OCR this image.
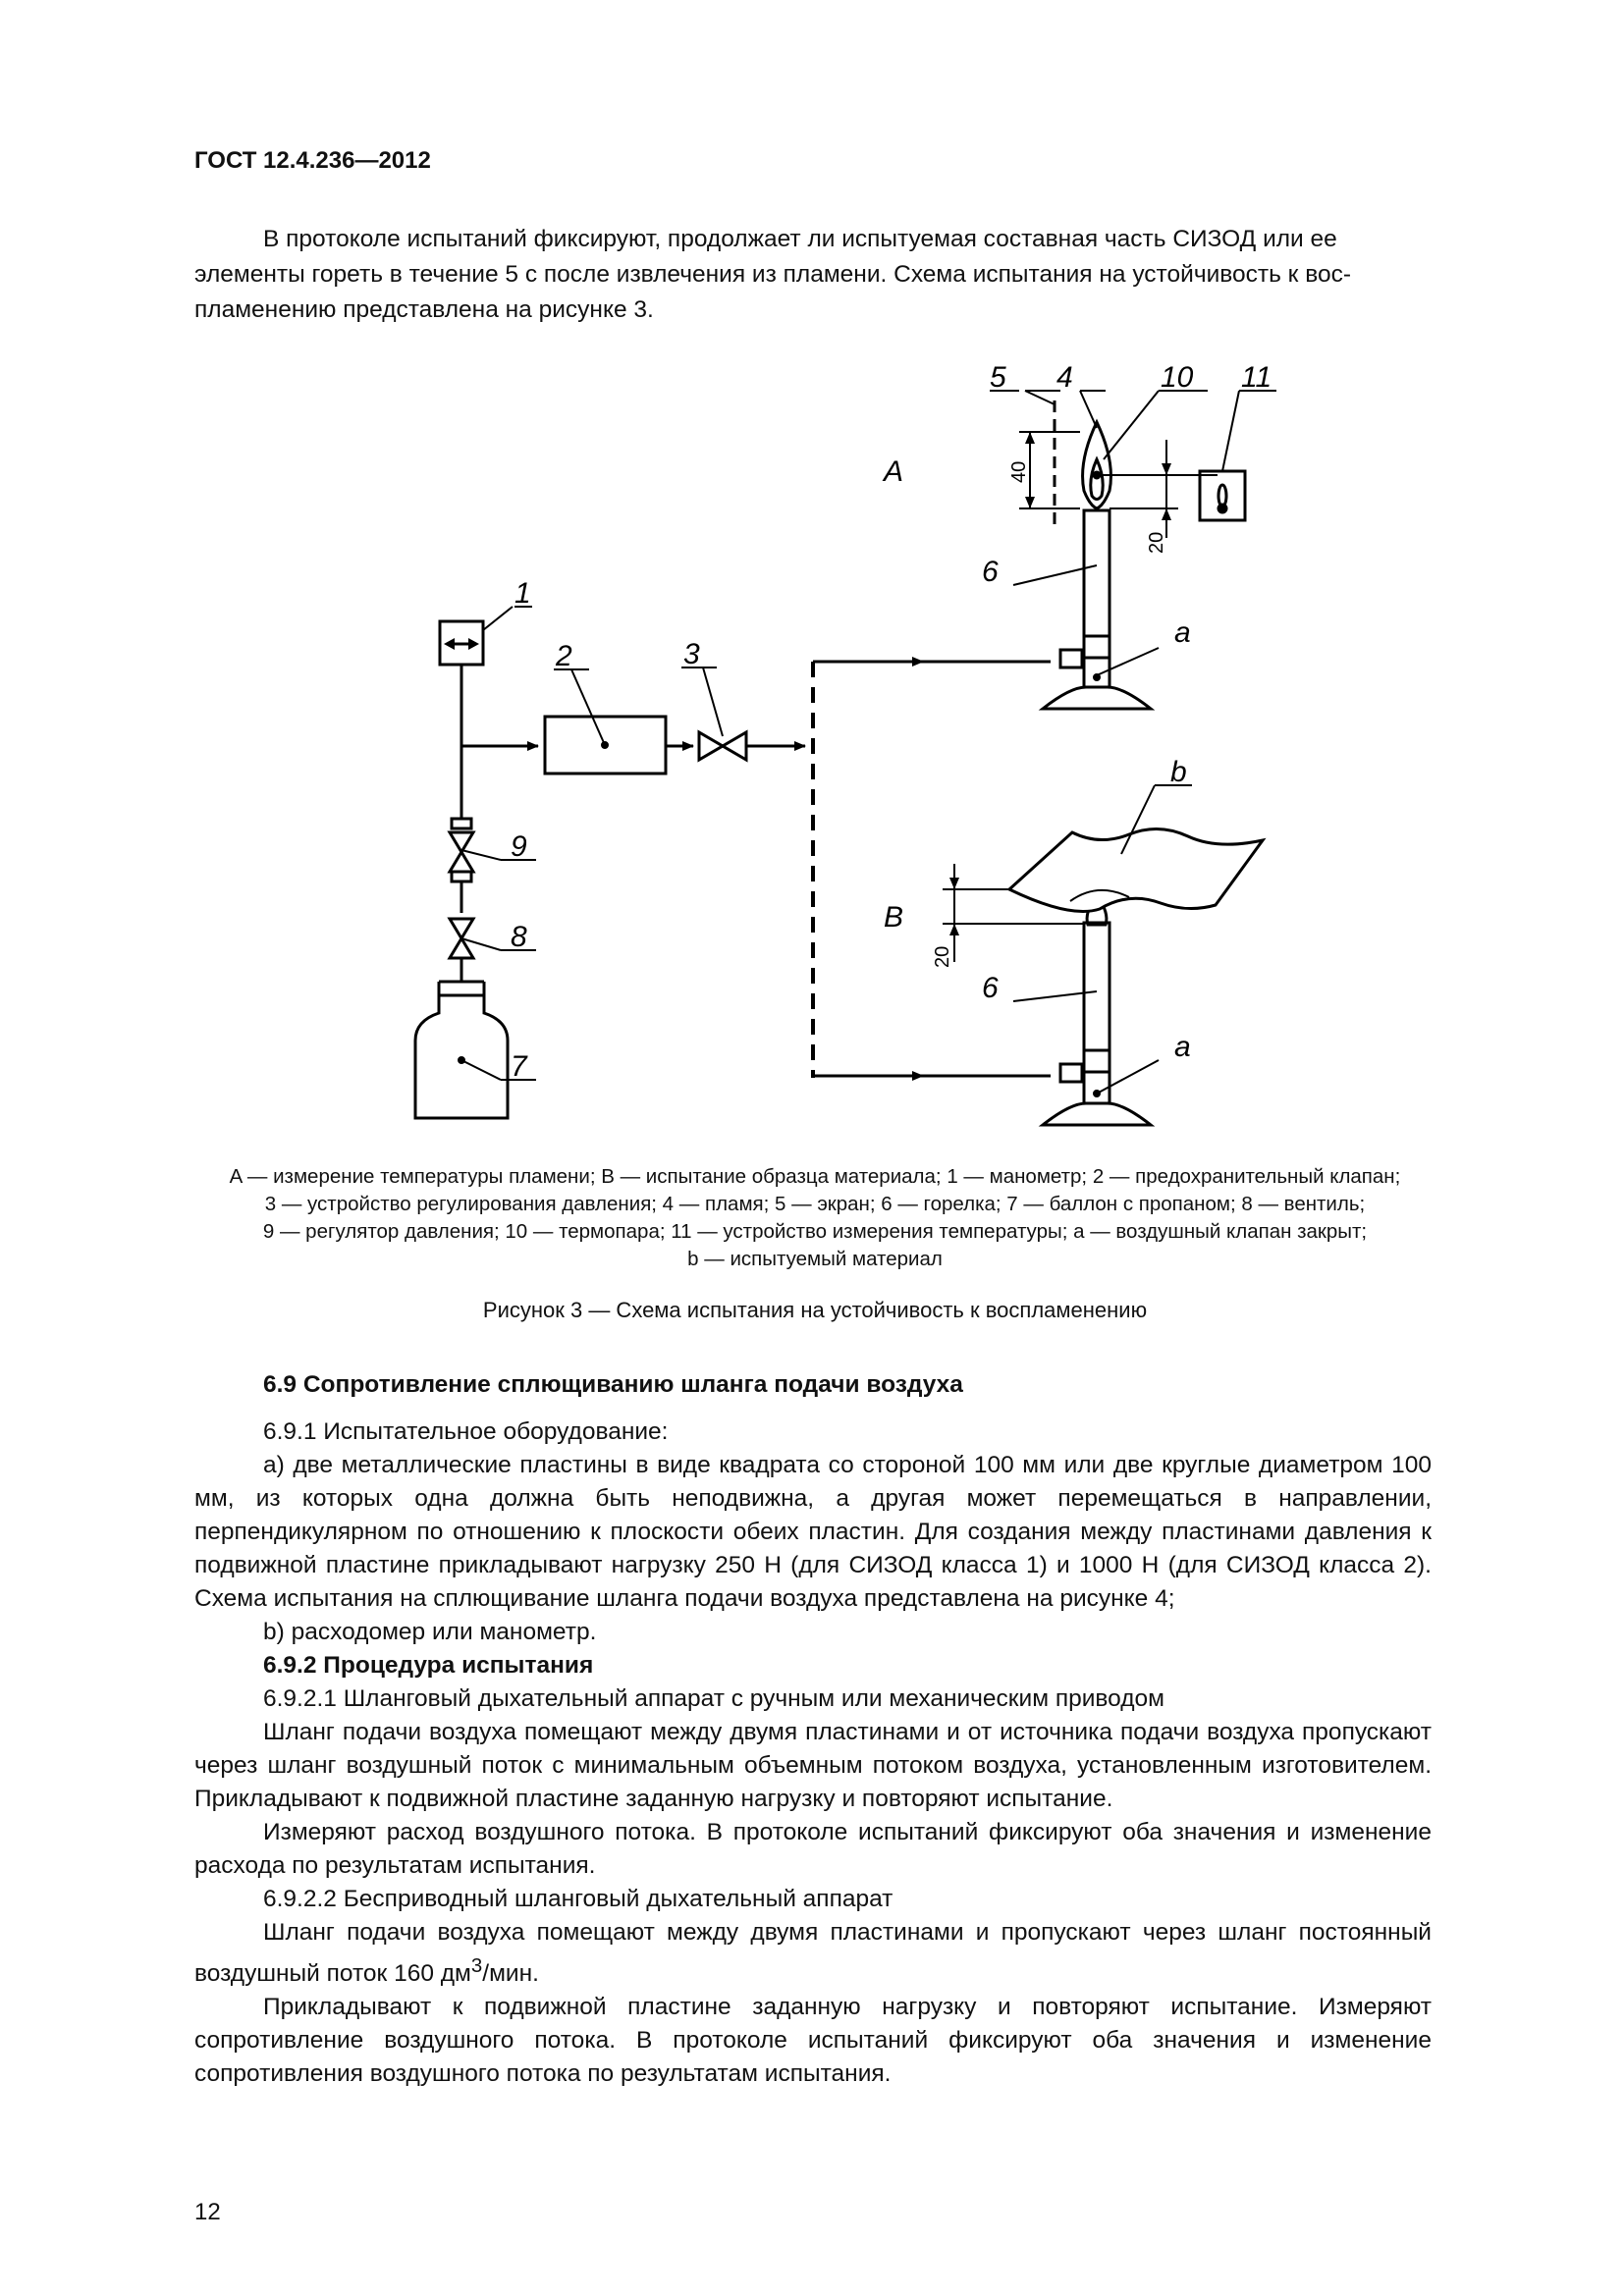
ГОСТ 12.4.236—2012
В протоколе испытаний фиксируют, продолжает ли испытуемая составная часть СИЗОД или ее
элементы гореть в течение 5 с после извлечения из пламени. Схема испытания на устойчивость к вос-
пламенению представлена на рисунке 3.
A
B
a
a
b
1
2	3
4
5
6
6
7
8
9
10 11
40
20
20
A — измерение температуры пламени; B — испытание образца материала; 1 — манометр; 2 — предохранительный клапан;
3 — устройство регулирования давления; 4 — пламя; 5 — экран; 6 — горелка; 7 — баллон с пропаном; 8 — вентиль;
9 — регулятор давления; 10 — термопара; 11 — устройство измерения температуры; а — воздушный клапан закрыт;
b — испытуемый материал
Рисунок 3 — Схема испытания на устойчивость к воспламенению

6.9 Сопротивление сплющиванию шланга подачи воздуха

6.9.1 Испытательное оборудование:

а) две металлические пластины в виде квадрата со стороной 100 мм или две круглые диаметром 100 мм, из которых одна должна быть неподвижна, а другая может перемещаться в направлении, перпендикулярном по отношению к плоскости обеих пластин. Для создания между пластинами давления к подвижной пластине прикладывают нагрузку 250 Н (для СИЗОД класса 1) и 1000 Н (для СИЗОД класса 2). Схема испытания на сплющивание шланга подачи воздуха представлена на рисунке 4;

b) расходомер или манометр.

6.9.2 Процедура испытания

6.9.2.1 Шланговый дыхательный аппарат с ручным или механическим приводом

Шланг подачи воздуха помещают между двумя пластинами и от источника подачи воздуха пропускают через шланг воздушный поток с минимальным объемным потоком воздуха, установленным изготовителем. Прикладывают к подвижной пластине заданную нагрузку и повторяют испытание.

Измеряют расход воздушного потока. В протоколе испытаний фиксируют оба значения и изменение расхода по результатам испытания.

6.9.2.2 Бесприводный шланговый дыхательный аппарат

Шланг подачи воздуха помещают между двумя пластинами и пропускают через шланг постоянный воздушный поток 160 $дм^3$/мин.

Прикладывают к подвижной пластине заданную нагрузку и повторяют испытание. Измеряют сопротивление воздушного потока. В протоколе испытаний фиксируют оба значения и изменение сопротивления воздушного потока по результатам испытания.

12
